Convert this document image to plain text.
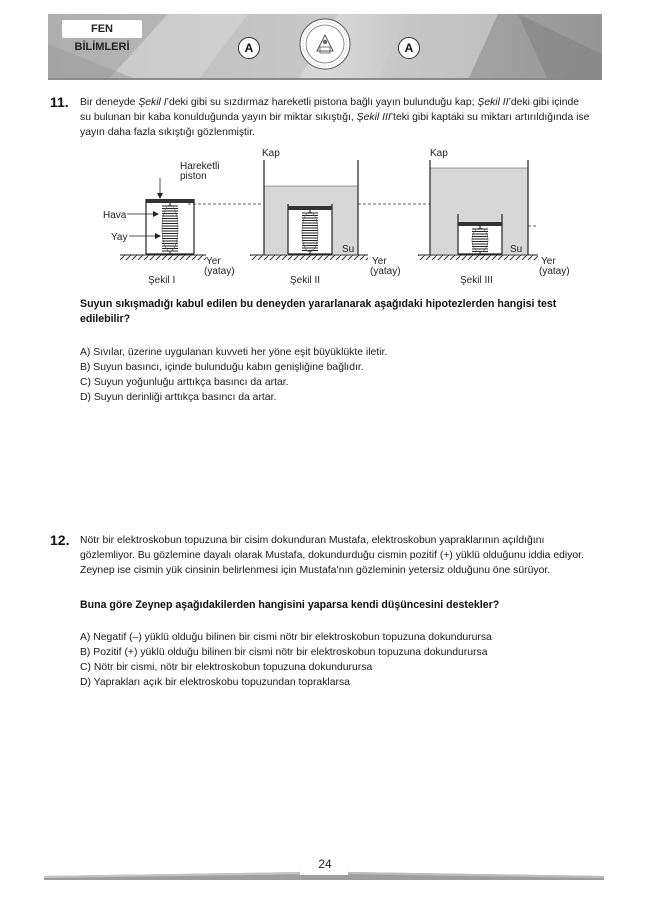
FEN BİLİMLERİ	A	A
11. Bir deneyde Şekil I’deki gibi su sızdırmaz hareketli pistona bağlı yayın bulunduğu kap; Şekil II’deki gibi içinde su bulunan bir kaba konulduğunda yayın bir miktar sıkıştığı, Şekil III’teki gibi kaptaki su miktarı artırıldığında ise yayın daha fazla sıkıştığı gözlenmiştir.
Hareketli
piston
Hava
Yay
Yer
(yatay)
Şekil I
Kap
Su
Yer
(yatay)
Şekil II
Kap
Su
Yer
(yatay)
Şekil III
Suyun sıkışmadığı kabul edilen bu deneyden yararlanarak aşağıdaki hipotezlerden hangisi test edilebilir?
A) Sıvılar, üzerine uygulanan kuvveti her yöne eşit büyüklükte iletir.
B) Suyun basıncı, içinde bulunduğu kabın genişliğine bağlıdır.
C) Suyun yoğunluğu arttıkça basıncı da artar.
D) Suyun derinliği arttıkça basıncı da artar.
12. Nötr bir elektroskobun topuzuna bir cisim dokunduran Mustafa, elektroskobun yapraklarının açıldığını gözlemliyor. Bu gözlemine dayalı olarak Mustafa, dokundurduğu cismin pozitif (+) yüklü olduğunu iddia ediyor. Zeynep ise cismin yük cinsinin belirlenmesi için Mustafa’nın gözleminin yetersiz olduğunu öne sürüyor.
Buna göre Zeynep aşağıdakilerden hangisini yaparsa kendi düşüncesini destekler?
A) Negatif (–) yüklü olduğu bilinen bir cismi nötr bir elektroskobun topuzuna dokundurursa
B) Pozitif (+) yüklü olduğu bilinen bir cismi nötr bir elektroskobun topuzuna dokundurursa
C) Nötr bir cismi, nötr bir elektroskobun topuzuna dokundurursa
D) Yaprakları açık bir elektroskobu topuzundan topraklarsa
24
